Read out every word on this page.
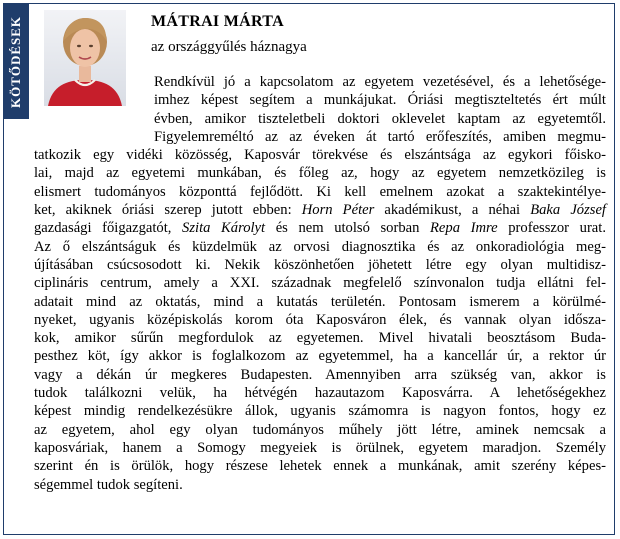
KÖTŐDÉSEK	MÁTRAI MÁRTA
az országgyűlés háznagya
Rendkívül jó a kapcsolatom az egyetem vezetésével, és a lehetősége-
imhez képest segítem a munkájukat. Óriási megtiszteltetés ért múlt
évben, amikor tiszteletbeli doktori oklevelet kaptam az egyetemtől.
Figyelemreméltó az az éveken át tartó erőfeszítés, amiben megmu-
tatkozik egy vidéki közösség, Kaposvár törekvése és elszántsága az egykori főisko-
lai, majd az egyetemi munkában, és főleg az, hogy az egyetem nemzetközileg is
elismert tudományos központtá fejlődött. Ki kell emelnem azokat a szaktekintélye-
ket, akiknek óriási szerep jutott ebben: Horn Péter akadémikust, a néhai Baka József
gazdasági főigazgatót, Szita Károlyt és nem utolsó sorban Repa Imre professzor urat.
Az ő elszántságuk és küzdelmük az orvosi diagnosztika és az onkoradiológia meg-
újításában csúcsosodott ki. Nekik köszönhetően jöhetett létre egy olyan multidisz-
ciplináris centrum, amely a XXI. századnak megfelelő színvonalon tudja ellátni fel-
adatait mind az oktatás, mind a kutatás területén. Pontosam ismerem a körülmé-
nyeket, ugyanis középiskolás korom óta Kaposváron élek, és vannak olyan idősza-
kok, amikor sűrűn megfordulok az egyetemen. Mivel hivatali beosztásom Buda-
pesthez köt, így akkor is foglalkozom az egyetemmel, ha a kancellár úr, a rektor úr
vagy a dékán úr megkeres Budapesten. Amennyiben arra szükség van, akkor is
tudok találkozni velük, ha hétvégén hazautazom Kaposvárra. A lehetőségekhez
képest mindig rendelkezésükre állok, ugyanis számomra is nagyon fontos, hogy ez
az egyetem, ahol egy olyan tudományos műhely jött létre, aminek nemcsak a
kaposváriak, hanem a Somogy megyeiek is örülnek, egyetem maradjon. Személy
szerint én is örülök, hogy részese lehetek ennek a munkának, amit szerény képes-
ségemmel tudok segíteni.
